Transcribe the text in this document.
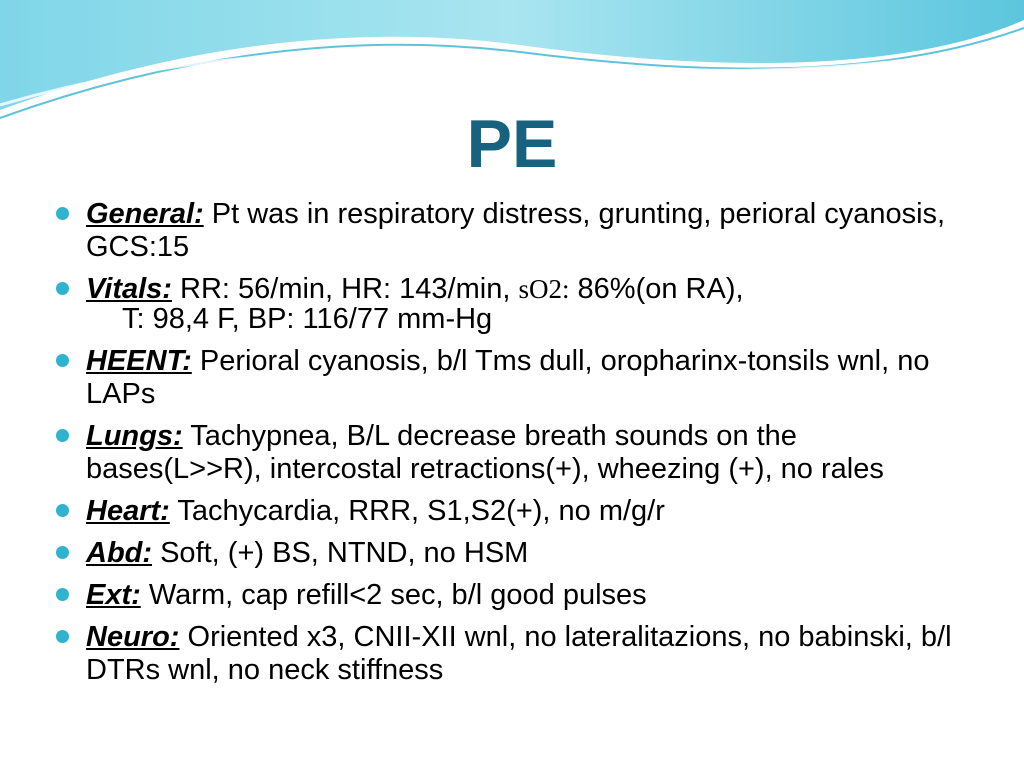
PE
General: Pt was in respiratory distress, grunting, perioral cyanosis, GCS:15
Vitals: RR: 56/min, HR: 143/min, sO2: 86%(on RA),
T: 98,4 F, BP: 116/77 mm-Hg
HEENT: Perioral cyanosis, b/l Tms dull, oropharinx-tonsils wnl, no LAPs
Lungs: Tachypnea, B/L decrease breath sounds on the bases(L>>R), intercostal retractions(+), wheezing (+), no rales
Heart: Tachycardia, RRR, S1,S2(+), no m/g/r
Abd: Soft, (+) BS, NTND, no HSM
Ext: Warm, cap refill<2 sec, b/l good pulses
Neuro: Oriented x3, CNII-XII wnl, no lateralitazions, no babinski, b/l DTRs wnl, no neck stiffness
